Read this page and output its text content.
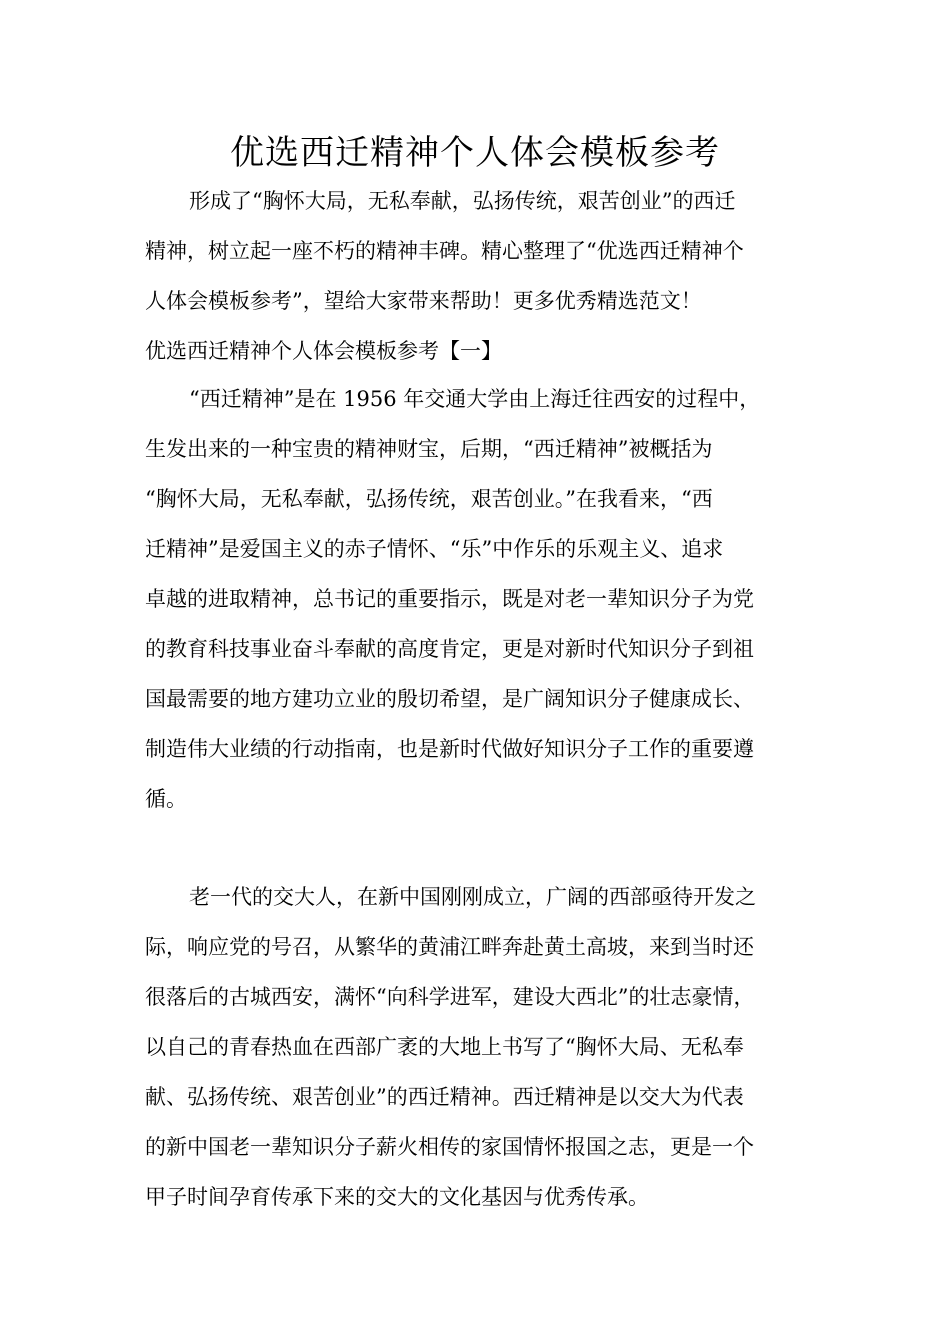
优选西迁精神个人体会模板参考

形成了“胸怀大局，无私奉献，弘扬传统，艰苦创业”的西迁

精神，树立起一座不朽的精神丰碑。精心整理了“优选西迁精神个

人体会模板参考”，望给大家带来帮助！更多优秀精选范文！

优选西迁精神个人体会模板参考【一】

“西迁精神”是在 1956 年交通大学由上海迁往西安的过程中，

生发出来的一种宝贵的精神财宝，后期，“西迁精神”被概括为

“胸怀大局，无私奉献，弘扬传统，艰苦创业。”在我看来，“西

迁精神”是爱国主义的赤子情怀、“乐”中作乐的乐观主义、追求

卓越的进取精神，总书记的重要指示，既是对老一辈知识分子为党

的教育科技事业奋斗奉献的高度肯定，更是对新时代知识分子到祖

国最需要的地方建功立业的殷切希望，是广阔知识分子健康成长、

制造伟大业绩的行动指南，也是新时代做好知识分子工作的重要遵

循。

老一代的交大人，在新中国刚刚成立，广阔的西部亟待开发之

际，响应党的号召，从繁华的黄浦江畔奔赴黄土高坡，来到当时还

很落后的古城西安，满怀“向科学进军，建设大西北”的壮志豪情，

以自己的青春热血在西部广袤的大地上书写了“胸怀大局、无私奉

献、弘扬传统、艰苦创业”的西迁精神。西迁精神是以交大为代表

的新中国老一辈知识分子薪火相传的家国情怀报国之志，更是一个

甲子时间孕育传承下来的交大的文化基因与优秀传承。
